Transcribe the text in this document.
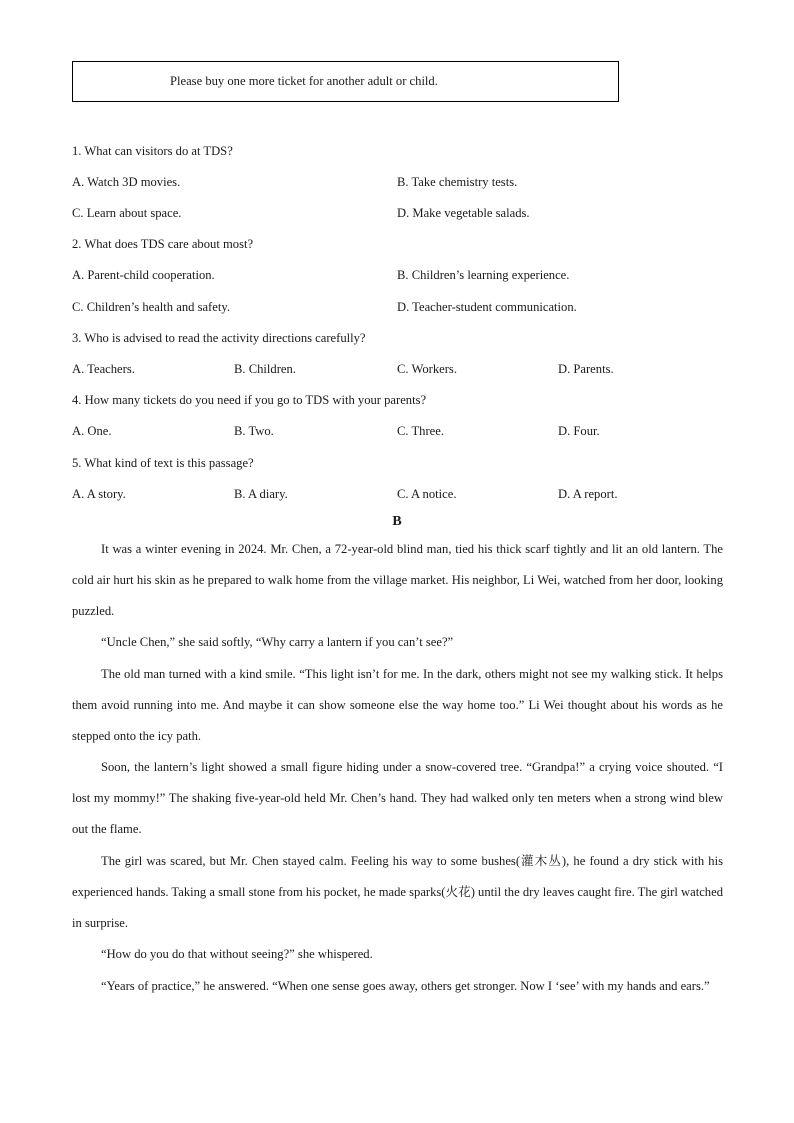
Please buy one more ticket for another adult or child.
1. What can visitors do at TDS?
A. Watch 3D movies.	B. Take chemistry tests.
C. Learn about space.	D. Make vegetable salads.
2. What does TDS care about most?
A. Parent-child cooperation.	B. Children’s learning experience.
C. Children’s health and safety.	D. Teacher-student communication.
3. Who is advised to read the activity directions carefully?
A. Teachers.	B. Children.	C. Workers.	D. Parents.
4. How many tickets do you need if you go to TDS with your parents?
A. One.	B. Two.	C. Three.	D. Four.
5. What kind of text is this passage?
A. A story.	B. A diary.	C. A notice.	D. A report.
B

It was a winter evening in 2024. Mr. Chen, a 72-year-old blind man, tied his thick scarf tightly and lit an old lantern. The cold air hurt his skin as he prepared to walk home from the village market. His neighbor, Li Wei, watched from her door, looking puzzled.

“Uncle Chen,” she said softly, “Why carry a lantern if you can’t see?”

The old man turned with a kind smile. “This light isn’t for me. In the dark, others might not see my walking stick. It helps them avoid running into me. And maybe it can show someone else the way home too.” Li Wei thought about his words as he stepped onto the icy path.

Soon, the lantern’s light showed a small figure hiding under a snow-covered tree. “Grandpa!” a crying voice shouted. “I lost my mommy!” The shaking five-year-old held Mr. Chen’s hand. They had walked only ten meters when a strong wind blew out the flame.

The girl was scared, but Mr. Chen stayed calm. Feeling his way to some bushes(灌木丛), he found a dry stick with his experienced hands. Taking a small stone from his pocket, he made sparks(火花) until the dry leaves caught fire. The girl watched in surprise.

“How do you do that without seeing?” she whispered.

“Years of practice,” he answered. “When one sense goes away, others get stronger. Now I ‘see’ with my hands and ears.”
